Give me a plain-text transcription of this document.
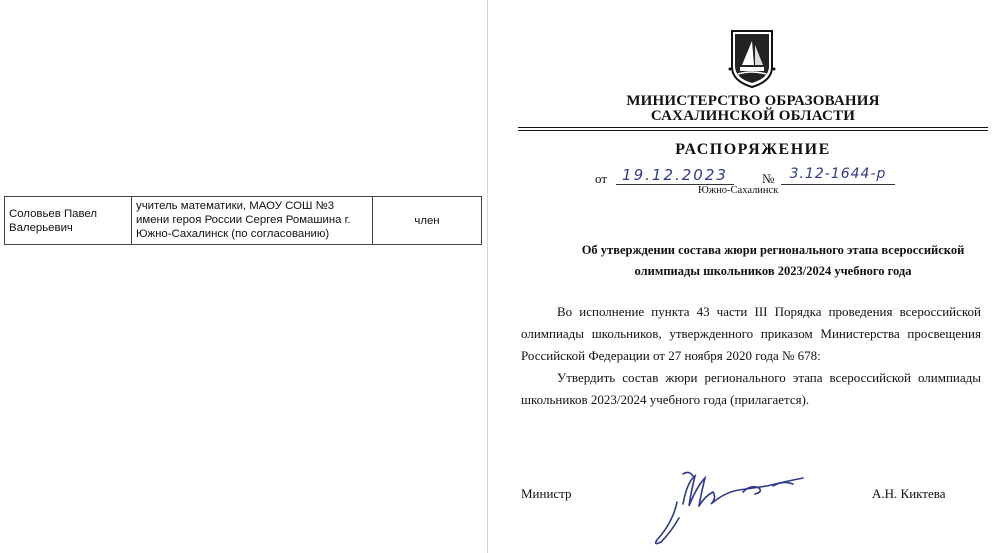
Соловьев Павел Валерьевич	учитель математики, МАОУ СОШ №3 имени героя России Сергея Ромашина г. Южно-Сахалинск (по согласованию)	член
МИНИСТЕРСТВО ОБРАЗОВАНИЯ
САХАЛИНСКОЙ ОБЛАСТИ
РАСПОРЯЖЕНИЕ
от	19.12.2023	№	3.12-1644-р
Южно-Сахалинск
Об утверждении состава жюри регионального этапа всероссийской
олимпиады школьников 2023/2024 учебного года

Во исполнение пункта 43 части III Порядка проведения всероссийской олимпиады школьников, утвержденного приказом Министерства просвещения Российской Федерации от 27 ноября 2020 года № 678:

Утвердить состав жюри регионального этапа всероссийской олимпиады школьников 2023/2024 учебного года (прилагается).

Министр	А.Н. Киктева
